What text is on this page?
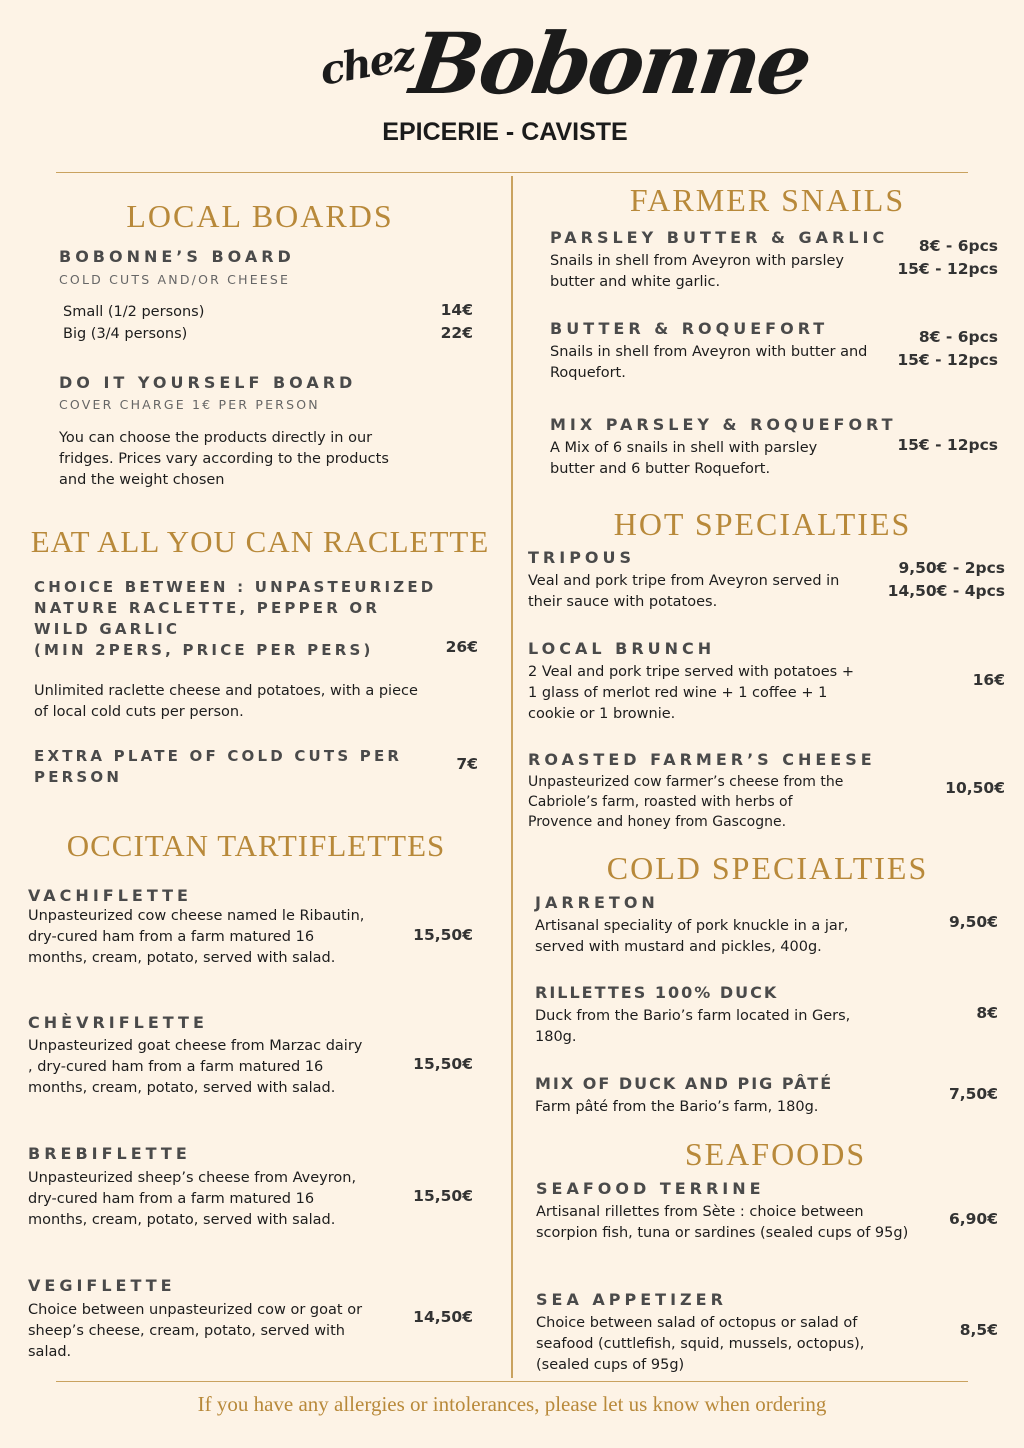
chez
Bobonne
EPICERIE - CAVISTE
LOCAL BOARDS
BOBONNE’S BOARD
COLD CUTS AND/OR CHEESE
Small (1/2 persons)
Big (3/4 persons)
14€
22€
DO IT YOURSELF BOARD
COVER CHARGE 1€ PER PERSON
You can choose the products directly in our fridges. Prices vary according to the products and the weight chosen
EAT ALL YOU CAN RACLETTE
CHOICE BETWEEN : UNPASTEURIZED
NATURE RACLETTE, PEPPER OR
WILD GARLIC
(MIN 2PERS, PRICE PER PERS)	26€
Unlimited raclette cheese and potatoes, with a piece of local cold cuts per person.
EXTRA PLATE OF COLD CUTS PER
PERSON
7€
OCCITAN TARTIFLETTES
VACHIFLETTE
Unpasteurized cow cheese named le Ribautin, dry-cured ham from a farm matured 16 months, cream, potato, served with salad.
15,50€
CHÈVRIFLETTE
Unpasteurized goat cheese from Marzac dairy , dry-cured ham from a farm matured 16 months, cream, potato, served with salad.
15,50€
BREBIFLETTE
Unpasteurized sheep’s cheese from Aveyron, dry-cured ham from a farm matured 16 months, cream, potato, served with salad.
15,50€
VEGIFLETTE
Choice between unpasteurized cow or goat or sheep’s cheese, cream, potato, served with salad.
14,50€
FARMER SNAILS
PARSLEY BUTTER & GARLIC
Snails in shell from Aveyron with parsley butter and white garlic.
8€ - 6pcs
15€ - 12pcs
BUTTER & ROQUEFORT
Snails in shell from Aveyron with butter and Roquefort.
8€ - 6pcs
15€ - 12pcs
MIX PARSLEY & ROQUEFORT
A Mix of 6 snails in shell with parsley butter and 6 butter Roquefort.
15€ - 12pcs
HOT SPECIALTIES
TRIPOUS
Veal and pork tripe from Aveyron served in their sauce with potatoes.
9,50€ - 2pcs
14,50€ - 4pcs
LOCAL BRUNCH
2 Veal and pork tripe served with potatoes + 1 glass of merlot red wine + 1 coffee + 1 cookie or 1 brownie.
16€
ROASTED FARMER’S CHEESE
Unpasteurized cow farmer’s cheese from the Cabriole’s farm, roasted with herbs of Provence and honey from Gascogne.
10,50€
COLD SPECIALTIES
JARRETON
Artisanal speciality of pork knuckle in a jar, served with mustard and pickles, 400g.
9,50€
RILLETTES 100% DUCK
Duck from the Bario’s farm located in Gers, 180g.
8€
MIX OF DUCK AND PIG PÂTÉ
Farm pâté from the Bario’s farm, 180g.
7,50€
SEAFOODS
SEAFOOD TERRINE
Artisanal rillettes from Sète : choice between scorpion fish, tuna or sardines (sealed cups of 95g)
6,90€
SEA APPETIZER
Choice between salad of octopus or salad of seafood (cuttlefish, squid, mussels, octopus), (sealed cups of 95g)
8,5€
If you have any allergies or intolerances, please let us know when ordering
